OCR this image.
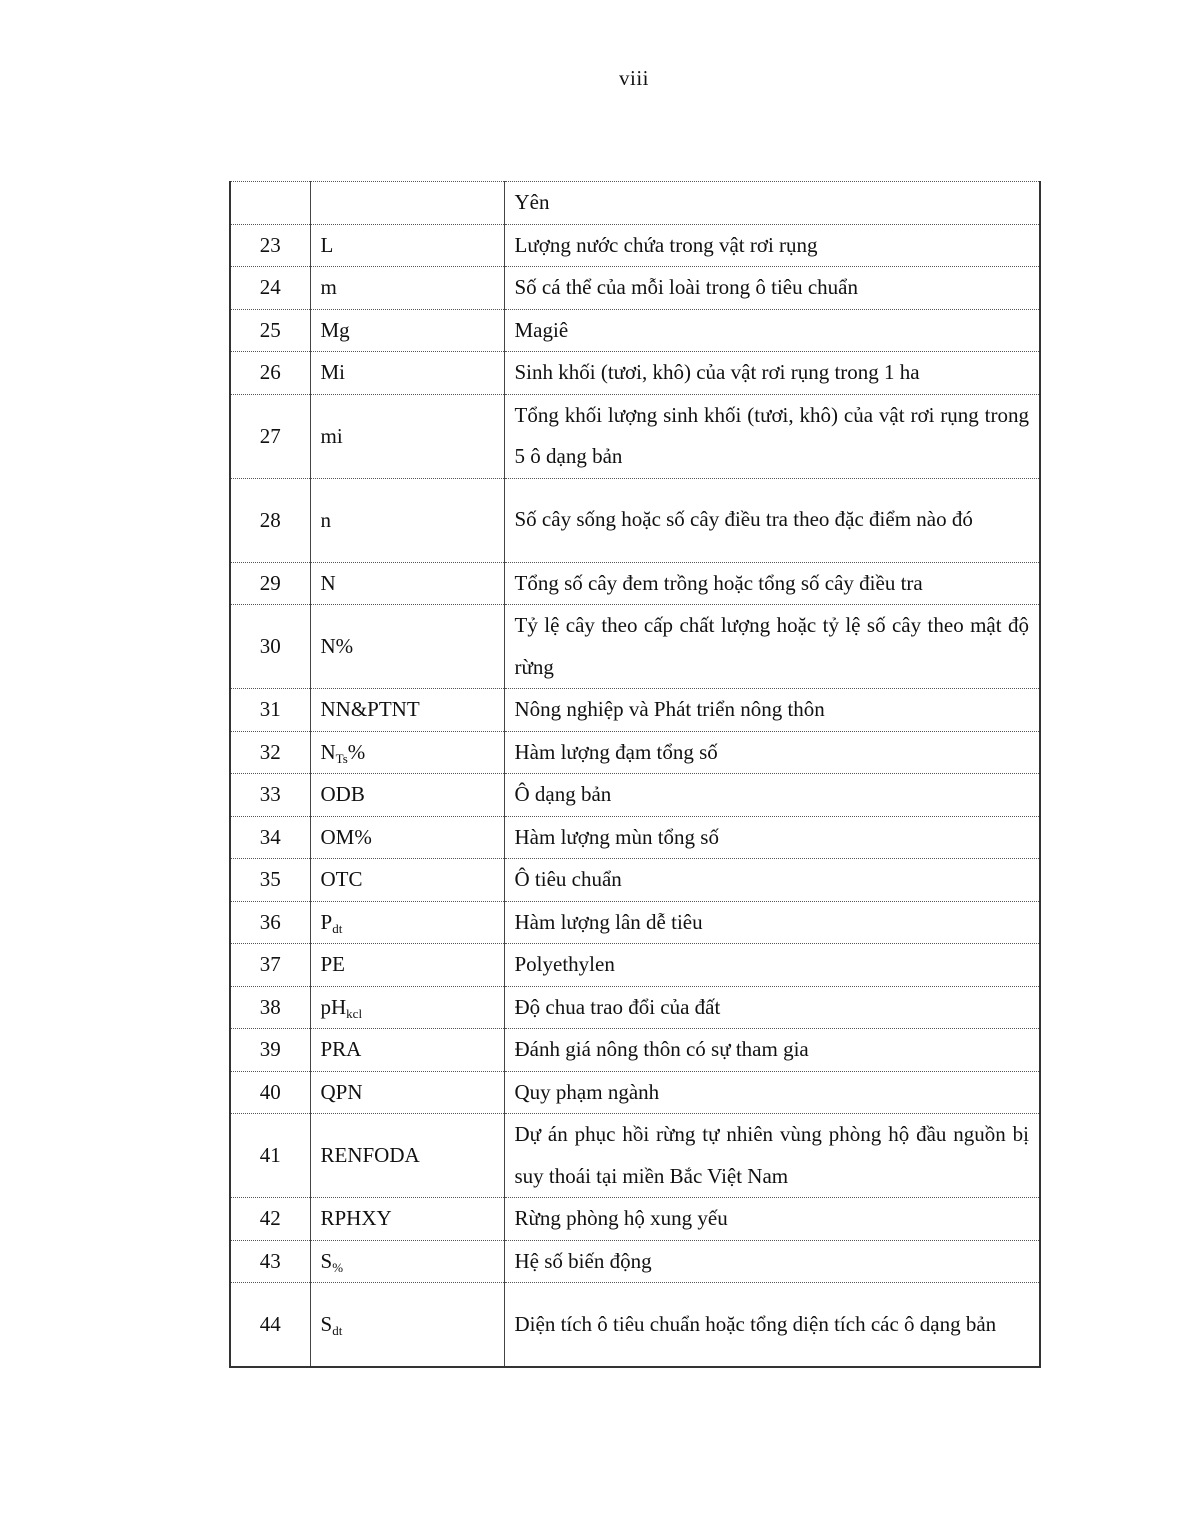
viii
		Yên
23	L	Lượng nước chứa trong vật rơi rụng
24	m	Số cá thể của mỗi loài trong ô tiêu chuẩn
25	Mg	Magiê
26	Mi	Sinh khối (tươi, khô) của vật rơi rụng trong 1 ha
27	mi	Tổng khối lượng sinh khối (tươi, khô) của vật rơi rụng trong 5 ô dạng bản
28	n	Số cây sống hoặc số cây điều tra theo đặc điểm nào đó
29	N	Tổng số cây đem trồng hoặc tổng số cây điều tra
30	N%	Tỷ lệ cây theo cấp chất lượng hoặc tỷ lệ số cây theo mật độ rừng
31	NN&PTNT	Nông nghiệp và Phát triển nông thôn
32	$N_{Ts}\%$	Hàm lượng đạm tổng số
33	ODB	Ô dạng bản
34	OM%	Hàm lượng mùn tổng số
35	OTC	Ô tiêu chuẩn
36	$P_{dt}$	Hàm lượng lân dễ tiêu
37	PE	Polyethylen
38	$pH_{kcl}$	Độ chua trao đổi của đất
39	PRA	Đánh giá nông thôn có sự tham gia
40	QPN	Quy phạm ngành
41	RENFODA	Dự án phục hồi rừng tự nhiên vùng phòng hộ đầu nguồn bị suy thoái tại miền Bắc Việt Nam
42	RPHXY	Rừng phòng hộ xung yếu
43	$S_{\%}$	Hệ số biến động
44	$S_{dt}$	Diện tích ô tiêu chuẩn hoặc tổng diện tích các ô dạng bản
